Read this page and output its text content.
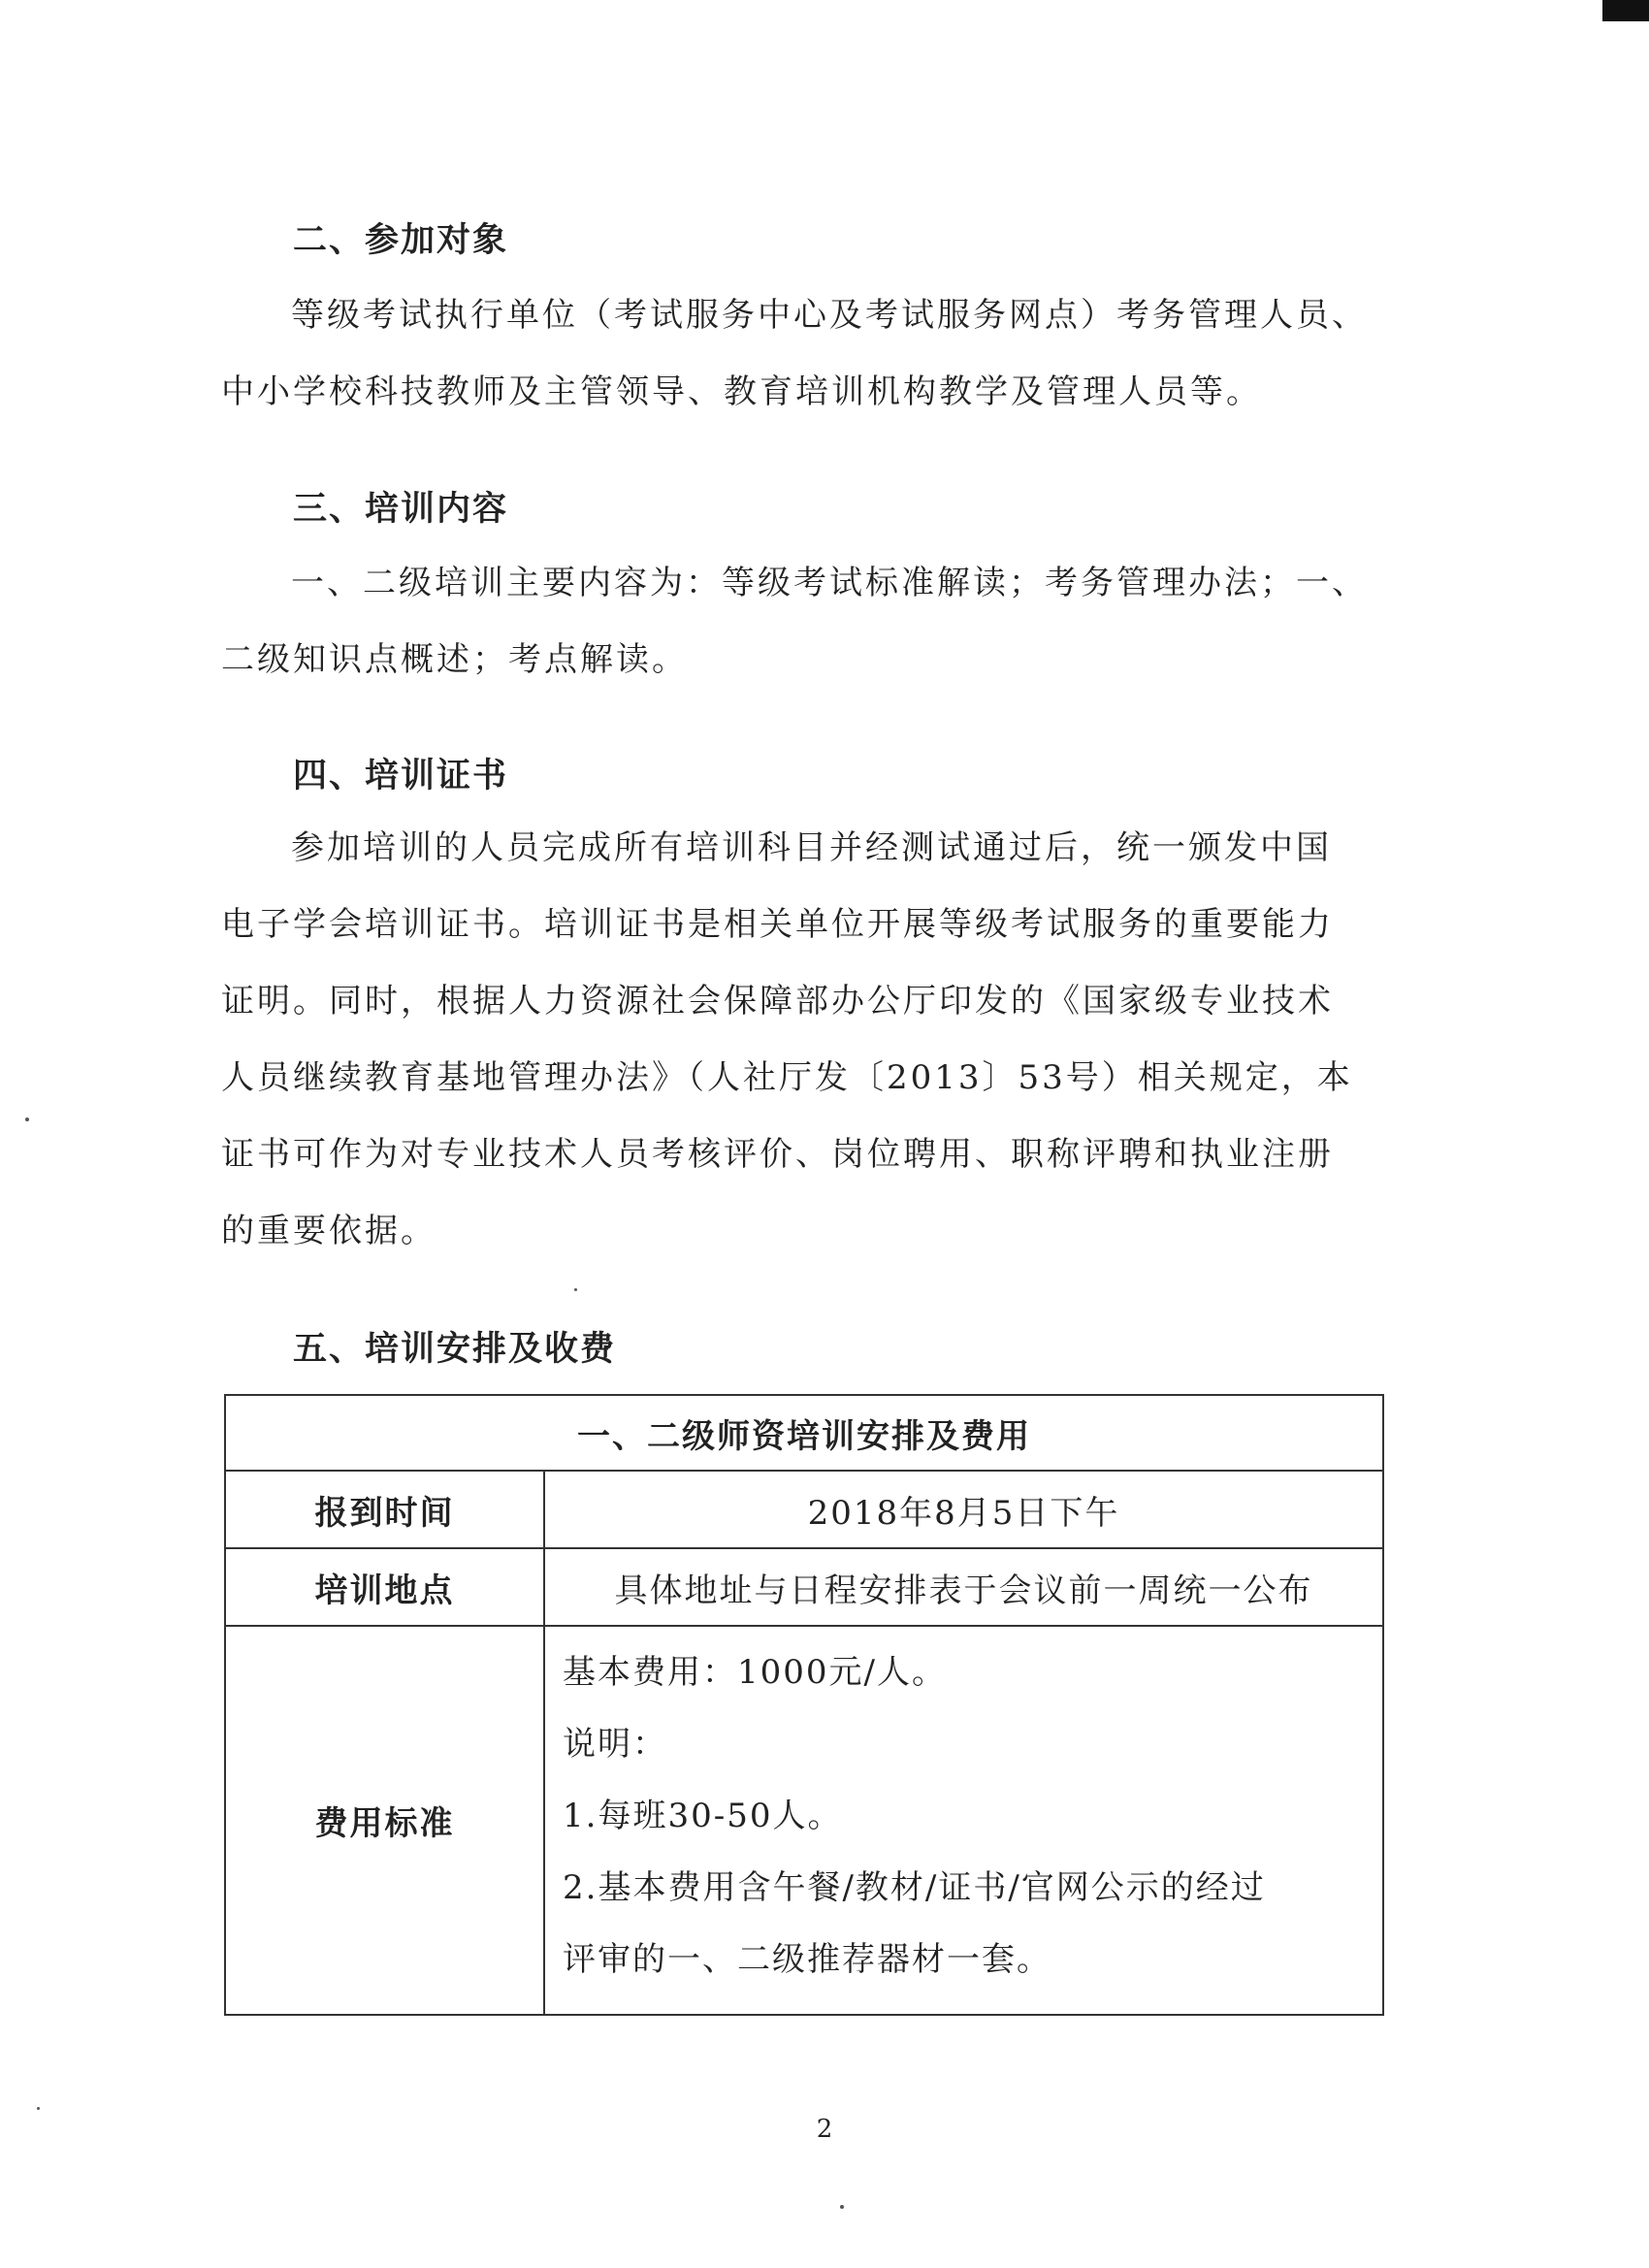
二、参加对象
等级考试执行单位（考试服务中心及考试服务网点）考务管理人员、
中小学校科技教师及主管领导、教育培训机构教学及管理人员等。
三、培训内容
一、二级培训主要内容为：等级考试标准解读；考务管理办法；一、
二级知识点概述；考点解读。
四、培训证书
参加培训的人员完成所有培训科目并经测试通过后，统一颁发中国
电子学会培训证书。培训证书是相关单位开展等级考试服务的重要能力
证明。同时，根据人力资源社会保障部办公厅印发的《国家级专业技术
人员继续教育基地管理办法》（人社厅发〔2013〕53号）相关规定，本
证书可作为对专业技术人员考核评价、岗位聘用、职称评聘和执业注册
的重要依据。
五、培训安排及收费
一、二级师资培训安排及费用	
报到时间	2018年8月5日下午
培训地点	具体地址与日程安排表于会议前一周统一公布
费用标准	基本费用：1000元/人。
说明：
1.每班30-50人。
2.基本费用含午餐/教材/证书/官网公示的经过
评审的一、二级推荐器材一套。
2
